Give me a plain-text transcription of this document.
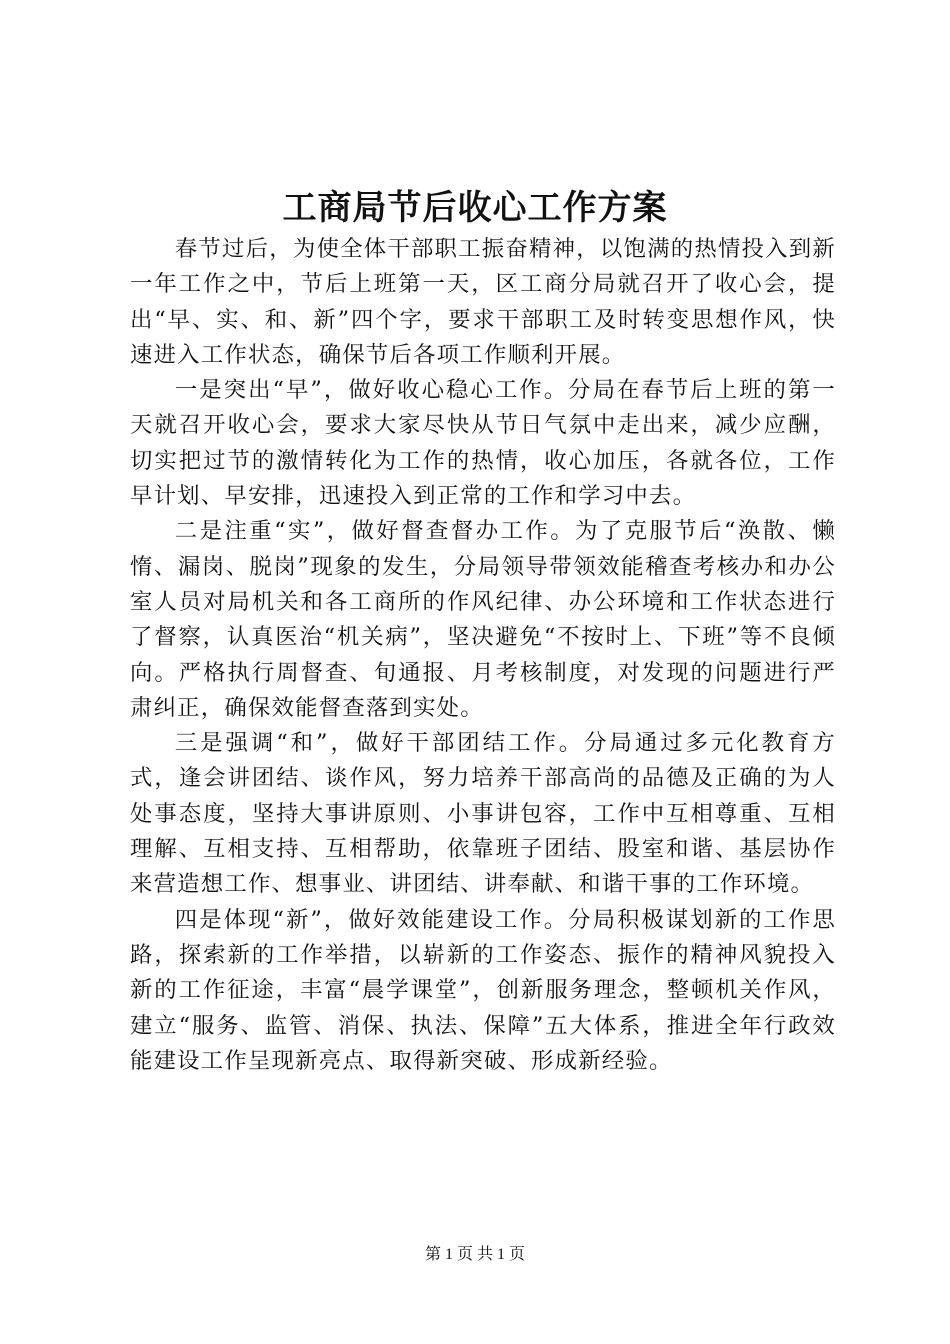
工商局节后收心工作方案

春节过后，为使全体干部职工振奋精神，以饱满的热情投入到新一年工作之中，节后上班第一天，区工商分局就召开了收心会，提出“早、实、和、新”四个字，要求干部职工及时转变思想作风，快速进入工作状态，确保节后各项工作顺利开展。

一是突出“早”，做好收心稳心工作。分局在春节后上班的第一天就召开收心会，要求大家尽快从节日气氛中走出来，减少应酬，切实把过节的激情转化为工作的热情，收心加压，各就各位，工作早计划、早安排，迅速投入到正常的工作和学习中去。

二是注重“实”，做好督查督办工作。为了克服节后“涣散、懒惰、漏岗、脱岗”现象的发生，分局领导带领效能稽查考核办和办公室人员对局机关和各工商所的作风纪律、办公环境和工作状态进行了督察，认真医治“机关病”，坚决避免“不按时上、下班”等不良倾向。严格执行周督查、旬通报、月考核制度，对发现的问题进行严肃纠正，确保效能督查落到实处。

三是强调“和”，做好干部团结工作。分局通过多元化教育方式，逢会讲团结、谈作风，努力培养干部高尚的品德及正确的为人处事态度，坚持大事讲原则、小事讲包容，工作中互相尊重、互相理解、互相支持、互相帮助，依靠班子团结、股室和谐、基层协作来营造想工作、想事业、讲团结、讲奉献、和谐干事的工作环境。

四是体现“新”，做好效能建设工作。分局积极谋划新的工作思路，探索新的工作举措，以崭新的工作姿态、振作的精神风貌投入新的工作征途，丰富“晨学课堂”，创新服务理念，整顿机关作风，建立“服务、监管、消保、执法、保障”五大体系，推进全年行政效能建设工作呈现新亮点、取得新突破、形成新经验。

第 1 页 共 1 页
